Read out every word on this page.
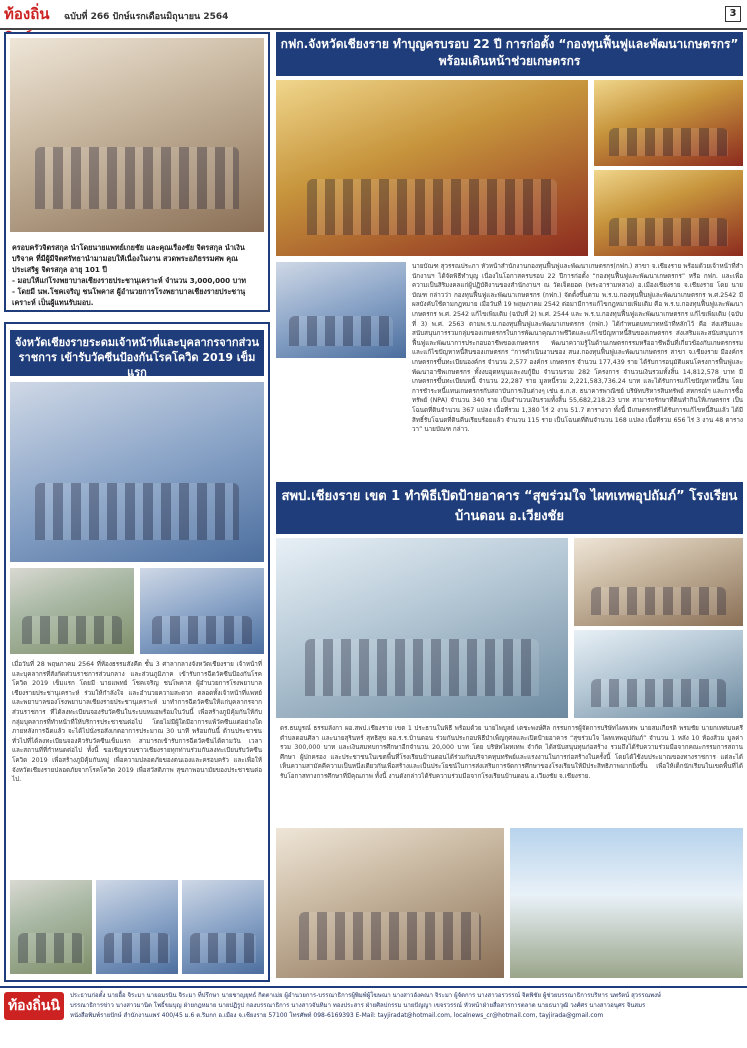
ท้องถิ่น	ฉบับที่ 266 ปักษ์แรกเดือนมิถุนายน 2564	3
ครอบครัวจิตรสกุล นำโดยนายแพทย์เกยชัย และคุณเรืองชัย จิตรสกุล นำเงินบริจาค ที่มีผู้มีจิตศรัทธานำมามอบให้เนื่องในงาน สวดพระอภิธรรมศพ คุณประเสริฐ จิตรสกุล อายุ 101 ปี
- มอบให้แก่โรงพยาบาลเชียงรายประชานุเคราะห์ จำนวน 3,000,000 บาท
- โดยมี นพ.โชคเจริญ ชนโพคาส ผู้อำนวยการโรงพยาบาลเชียงรายประชานุเคราะห์ เป็นผู้แทนรับมอบ.
จังหวัดเชียงรายระดมเจ้าหน้าที่และบุคลากรจากส่วนราชการ เข้ารับวัคซีนป้องกันโรคโควิด 2019 เข็มแรก
เมื่อวันที่ 28 พฤษภาคม 2564 ที่ห้องธรรมสังคีต ชั้น 3 ศาลากลางจังหวัดเชียงราย เจ้าหน้าที่และบุคลากรที่สังกัดส่วนราชการส่วนกลาง และส่วนภูมิภาค เข้ารับการฉีดวัคซีนป้องกันโรคโควิด 2019 เข็มแรก โดยมี นายแพทย์ โชคเจริญ ชนโพคาส ผู้อำนวยการโรงพยาบาลเชียงรายประชานุเคราะห์ ร่วมให้กำลังใจ และอำนวยความสะดวก ตลอดทั้งเจ้าหน้าที่แพทย์และพยาบาลของโรงพยาบาลเชียงรายประชานุเคราะห์ มาทำการฉีดวัคซีนให้แก่บุคลากรจากส่วนราชการ ที่ได้ลงทะเบียนจองรับวัคซีนในระบบหมอพร้อมในวันนี้ เพื่อสร้างภูมิคุ้มกันให้กับกลุ่มบุคลากรที่ทำหน้าที่ให้บริการประชาชนต่อไป โดยไม่มีผู้ใดมีอาการแพ้วัคซีนแต่อย่างใด ภายหลังการฉีดแล้ว จะได้ไปนั่งรอสังเกตอาการประมาณ 30 นาที พร้อมกันนี้ ด้านประชาชนทั่วไปที่ได้ลงทะเบียนจองคิวรับวัคซีนเข็มแรก สามารถเข้ารับการฉีดวัคซีนได้ตามวัน เวลา และสถานที่ที่กำหนดต่อไป ทั้งนี้ ขอเชิญชวนชาวเชียงรายทุกท่านร่วมกันลงทะเบียนรับวัคซีนโควิด 2019 เพื่อสร้างภูมิคุ้มกันหมู่ เพื่อความปลอดภัยของตนเองและครอบครัว และเพื่อให้จังหวัดเชียงรายปลอดภัยจากโรคโควิด 2019 เพื่อสวัสดิภาพ สุขภาพอนามัยของประชาชนต่อไป.
กฟก.จังหวัดเชียงราย ทำบุญครบรอบ 22 ปี การก่อตั้ง “กองทุนฟื้นฟูและพัฒนาเกษตรกร” พร้อมเดินหน้าช่วยเกษตรกร
นายบัณฑ สุวรรณประภา หัวหน้าสำนักงานกองทุนฟื้นฟูและพัฒนาเกษตรกร(กฟก.) สาขา จ.เชียงราย พร้อมด้วยเจ้าหน้าที่สำนักงานฯ ได้จัดพิธีทำบุญ เนื่องในโอกาสครบรอบ 22 ปีการก่อตั้ง “กองทุนฟื้นฟูและพัฒนาเกษตรกร” หรือ กฟก. และเพื่อความเป็นสิริมงคลแก่ผู้ปฏิบัติงานของสำนักงานฯ ณ วัดเจ็ดยอด (พระอารามหลวง) อ.เมืองเชียงราย จ.เชียงราย โดย นายบัณฑ กล่าวว่า กองทุนฟื้นฟูและพัฒนาเกษตรกร (กฟก.) จัดตั้งขึ้นตาม พ.ร.บ.กองทุนฟื้นฟูและพัฒนาเกษตรกร พ.ศ.2542 มีผลบังคับใช้ตามกฎหมาย เมื่อวันที่ 19 พฤษภาคม 2542 ต่อมามีการแก้ไขกฎหมายเพิ่มเติม คือ พ.ร.บ.กองทุนฟื้นฟูและพัฒนาเกษตรกร พ.ศ. 2542 แก้ไขเพิ่มเติม (ฉบับที่ 2) พ.ศ. 2544 และ พ.ร.บ.กองทุนฟื้นฟูและพัฒนาเกษตรกร แก้ไขเพิ่มเติม (ฉบับที่ 3) พ.ศ. 2563 ตามพ.ร.บ.กองทุนฟื้นฟูและพัฒนาเกษตรกร (กฟก.) ได้กำหนดบทบาทหน้าที่หลักไว้ คือ ส่งเสริมและสนับสนุนการรวมกลุ่มของเกษตรกรในการพัฒนาคุณภาพชีวิตและแก้ไขปัญหาหนี้สินของเกษตรกร ส่งเสริมและสนับสนุนการฟื้นฟูและพัฒนาการประกอบอาชีพของเกษตรกร พัฒนาความรู้ในด้านเกษตรกรรมหรืออาชีพอื่นที่เกี่ยวข้องกับเกษตรกรรม และแก้ไขปัญหาหนี้สินของเกษตรกร “การดำเนินงานของ สนง.กองทุนฟื้นฟูและพัฒนาเกษตรกร สาขา จ.เชียงราย มีองค์กรเกษตรกรขึ้นทะเบียนองค์กร จำนวน 2,577 องค์กร เกษตรกร จำนวน 177,439 ราย ได้รับการอนุมัติแผนโครงการฟื้นฟูและพัฒนาอาชีพเกษตรกร ทั้งงบอุดหนุนและงบกู้ยืม จำนวนรวม 282 โครงการ จำนวนเงินรวมทั้งสิ้น 14,812,578 บาท มีเกษตรกรขึ้นทะเบียนหนี้ จำนวน 22,287 ราย มูลหนี้รวม 2,221,583,736.24 บาท และได้รับการแก้ไขปัญหาหนี้สิน โดยการชำระหนี้แทนเกษตรกรกับสถาบันการเงินต่างๆ เช่น ธ.ก.ส. ธนาคารพาณิชย์ บริษัทบริหารสินทรัพย์ สหกรณ์ฯ และการซื้อทรัพย์ (NPA) จำนวน 340 ราย เป็นจำนวนเงินรวมทั้งสิ้น 55,682,218.23 บาท สามารถรักษาที่ดินทำกินให้เกษตรกร เป็นโฉนดที่ดินจำนวน 367 แปลง เนื้อที่รวม 1,380 ไร่ 2 งาน 51.7 ตารางวา ทั้งนี้ มีเกษตรกรที่ได้รับการแก้ไขหนี้สินแล้ว ได้มีสิทธิ์รับโฉนดที่ดินคืนเรียบร้อยแล้ว จำนวน 115 ราย เป็นโฉนดที่ดินจำนวน 168 แปลง เนื้อที่รวม 656 ไร่ 3 งาน 48 ตารางวา” นายบัณฑ กล่าว.
สพป.เชียงราย เขต 1 ทำพิธีเปิดป้ายอาคาร “สุขร่วมใจ ไผทเทพอุปถัมภ์” โรงเรียนบ้านดอน อ.เวียงชัย
ดร.ธนบูรณ์ ธรรมลังกา ผอ.สพป.เชียงราย เขต 1 ประธานในพิธี พร้อมด้วย นายไพบูลย์ เตชะพงษ์ศิล กรรมการผู้จัดการบริษัทไผทเทพ นายสมเกียรติ พรมชัย นายกเทศมนตรีตำบลดอนศิลา และนายสุรินทร์ สุทธิสุข ผอ.ร.ร.บ้านดอน ร่วมกันประกอบพิธีบำเพ็ญกุศลและเปิดป้ายอาคาร “สุขร่วมใจ ไผทเทพอุปถัมภ์” จำนวน 1 หลัง 10 ห้องส้วม มูลค่ารวม 300,000 บาท และเงินสมทบการศึกษาอีกจำนวน 20,000 บาท โดย บริษัทไผทเทพ จำกัด ได้สนับสนุนทุนก่อสร้าง รวมถึงได้รับความร่วมมือจากคณะกรรมการสถานศึกษา ผู้ปกครอง และประชาชนในเขตพื้นที่โรงเรียนบ้านดอนได้ร่วมกันบริจาคทุนทรัพย์และแรงงานในการก่อสร้างในครั้งนี้ โดยได้ใช้งบประมาณของทางราชการ แต่ละได้เห็นความสามัคคีความเป็นหนึ่งเดียวกันเพื่อสร้างและเป็นประโยชน์ในการส่งเสริมการจัดการศึกษาของโรงเรียนให้มีประสิทธิภาพมากยิ่งขึ้น เพื่อให้เด็กนักเรียนในเขตพื้นที่ได้รับโอกาสทางการศึกษาที่มีคุณภาพ ทั้งนี้ งานดังกล่าวได้รับความร่วมมือจากโรงเรียนบ้านดอน อ.เวียงชัย จ.เชียงราย.
ท้องถิ่นนิวส์
ประธานก่อตั้ง นายอื้อ จิระมา นายอมรนิน จิระมา ที่ปรึกษา นายชาญยุทธ์ กิตตาเม่ย ผู้อำนวยการ-บรรณาธิการผู้พิมพ์ผู้โฆษณา นางสาวอังคณา จิระมา ผู้จัดการ นางสาวอรวรรณ์ จิตพิชัย ผู้ช่วยบรรณาธิการบริหาร นพรัตน์ สุวรรณพงษ์
บรรณาธิการข่าว นางสาวมานิต โพธิ์ขมบุญ ฝ่ายกฎหมาย นายปฏิรูป กองบรรณาธิการ นางสาวจันทิมา ทองประสาร ฝ่ายศิลปกรรม นายปัญญา เขจรวรรณ์ หัวหน้าฝ่ายสื่อสารการตลาด นายธนาวุฒิ วงศ์ศร นางสาวอนุศร จินสมร
หนังสือพิมพ์รายปักษ์ สำนักงานแพร่ 400/45 ม.6 ต.ริมกก อ.เมือง จ.เชียงราย 57100 โทรศัพท์ 098-6169393 E-Mail: tayjiradat@hotmail.com, localnews_cr@hotmail.com, tayjirada@gmail.com
